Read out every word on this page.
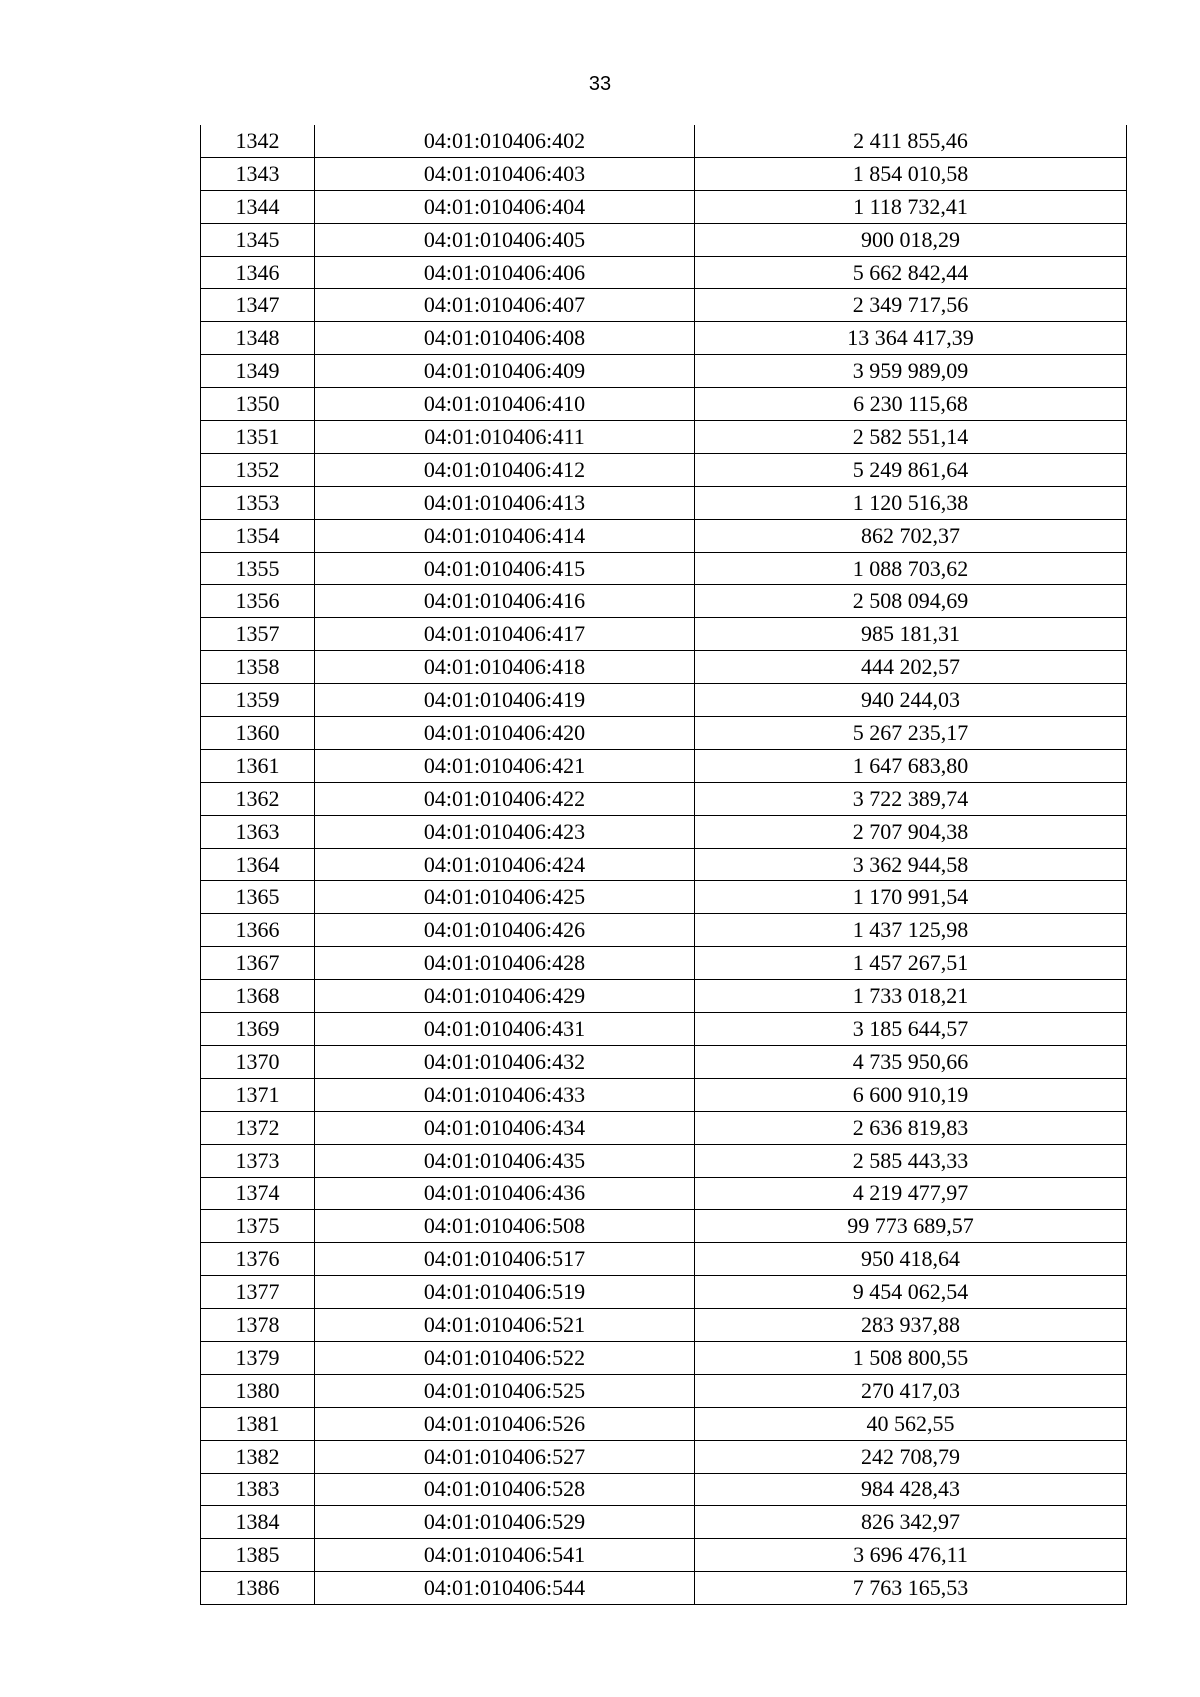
33
1342	04:01:010406:402	2 411 855,46
1343	04:01:010406:403	1 854 010,58
1344	04:01:010406:404	1 118 732,41
1345	04:01:010406:405	900 018,29
1346	04:01:010406:406	5 662 842,44
1347	04:01:010406:407	2 349 717,56
1348	04:01:010406:408	13 364 417,39
1349	04:01:010406:409	3 959 989,09
1350	04:01:010406:410	6 230 115,68
1351	04:01:010406:411	2 582 551,14
1352	04:01:010406:412	5 249 861,64
1353	04:01:010406:413	1 120 516,38
1354	04:01:010406:414	862 702,37
1355	04:01:010406:415	1 088 703,62
1356	04:01:010406:416	2 508 094,69
1357	04:01:010406:417	985 181,31
1358	04:01:010406:418	444 202,57
1359	04:01:010406:419	940 244,03
1360	04:01:010406:420	5 267 235,17
1361	04:01:010406:421	1 647 683,80
1362	04:01:010406:422	3 722 389,74
1363	04:01:010406:423	2 707 904,38
1364	04:01:010406:424	3 362 944,58
1365	04:01:010406:425	1 170 991,54
1366	04:01:010406:426	1 437 125,98
1367	04:01:010406:428	1 457 267,51
1368	04:01:010406:429	1 733 018,21
1369	04:01:010406:431	3 185 644,57
1370	04:01:010406:432	4 735 950,66
1371	04:01:010406:433	6 600 910,19
1372	04:01:010406:434	2 636 819,83
1373	04:01:010406:435	2 585 443,33
1374	04:01:010406:436	4 219 477,97
1375	04:01:010406:508	99 773 689,57
1376	04:01:010406:517	950 418,64
1377	04:01:010406:519	9 454 062,54
1378	04:01:010406:521	283 937,88
1379	04:01:010406:522	1 508 800,55
1380	04:01:010406:525	270 417,03
1381	04:01:010406:526	40 562,55
1382	04:01:010406:527	242 708,79
1383	04:01:010406:528	984 428,43
1384	04:01:010406:529	826 342,97
1385	04:01:010406:541	3 696 476,11
1386	04:01:010406:544	7 763 165,53
